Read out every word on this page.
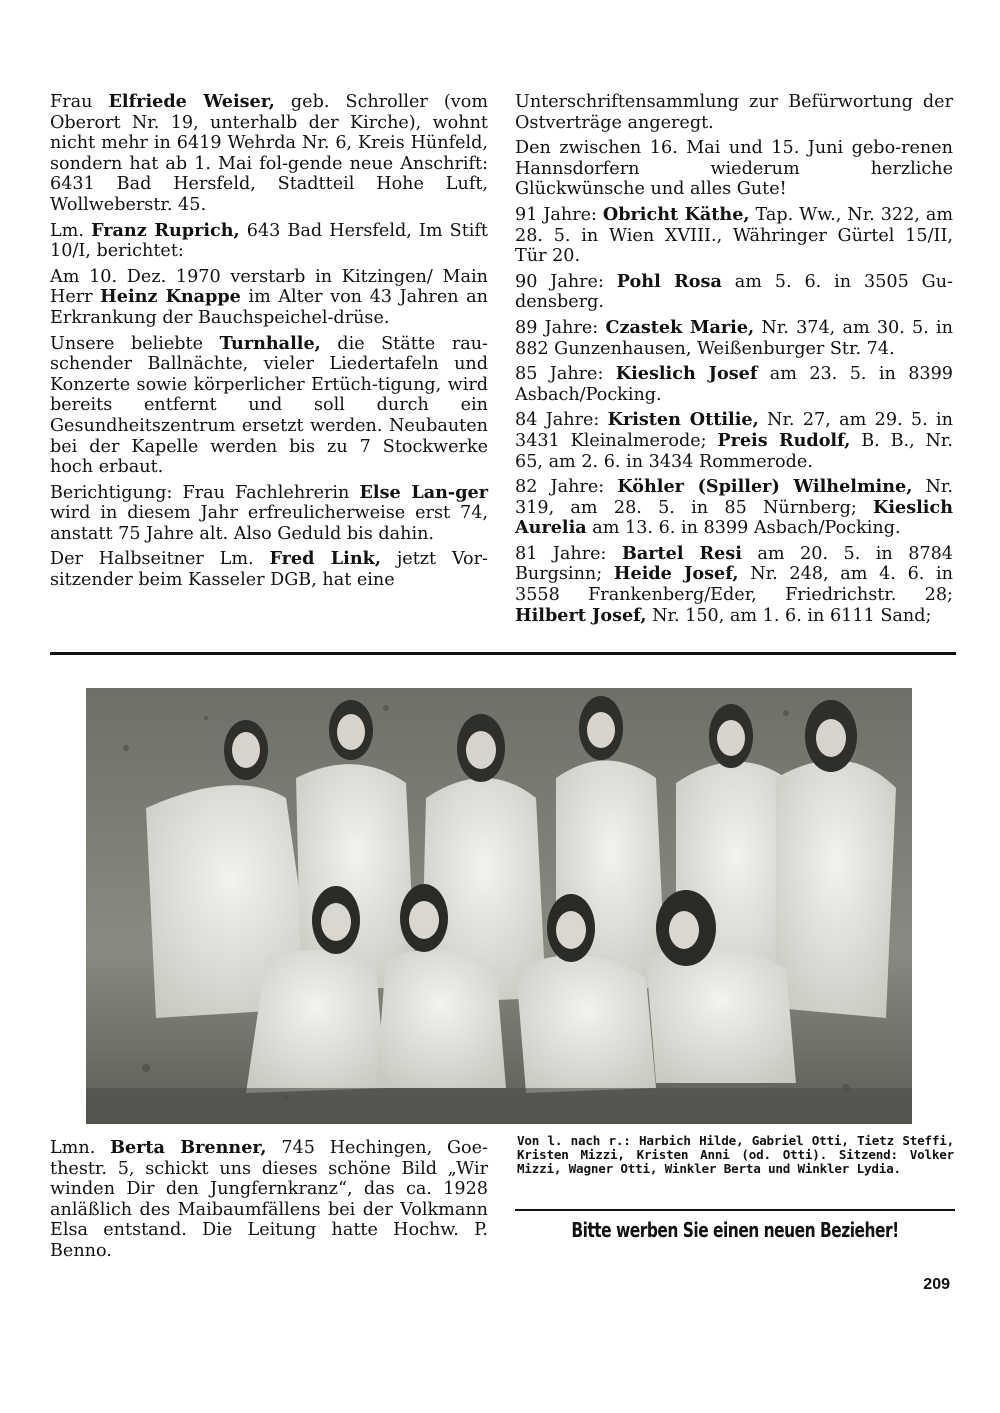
Frau Elfriede Weiser, geb. Schroller (vom Oberort Nr. 19, unterhalb der Kirche), wohnt nicht mehr in 6419 Wehrda Nr. 6, Kreis Hünfeld, sondern hat ab 1. Mai fol-gende neue Anschrift: 6431 Bad Hersfeld, Stadtteil Hohe Luft, Wollweberstr. 45.

Lm. Franz Ruprich, 643 Bad Hersfeld, Im Stift 10/I, berichtet:

Am 10. Dez. 1970 verstarb in Kitzingen/ Main Herr Heinz Knappe im Alter von 43 Jahren an Erkrankung der Bauchspeichel-drüse.

Unsere beliebte Turnhalle, die Stätte rau-schender Ballnächte, vieler Liedertafeln und Konzerte sowie körperlicher Ertüch-tigung, wird bereits entfernt und soll durch ein Gesundheitszentrum ersetzt werden. Neubauten bei der Kapelle werden bis zu 7 Stockwerke hoch erbaut.

Berichtigung: Frau Fachlehrerin Else Lan-ger wird in diesem Jahr erfreulicherweise erst 74, anstatt 75 Jahre alt. Also Geduld bis dahin.

Der Halbseitner Lm. Fred Link, jetzt Vor-sitzender beim Kasseler DGB, hat eine

Unterschriftensammlung zur Befürwortung der Ostverträge angeregt.

Den zwischen 16. Mai und 15. Juni gebo-renen Hannsdorfern wiederum herzliche Glückwünsche und alles Gute!

91 Jahre: Obricht Käthe, Tap. Ww., Nr. 322, am 28. 5. in Wien XVIII., Währinger Gürtel 15/II, Tür 20.

90 Jahre: Pohl Rosa am 5. 6. in 3505 Gu-densberg.

89 Jahre: Czastek Marie, Nr. 374, am 30. 5. in 882 Gunzenhausen, Weißenburger Str. 74.

85 Jahre: Kieslich Josef am 23. 5. in 8399 Asbach/Pocking.

84 Jahre: Kristen Ottilie, Nr. 27, am 29. 5. in 3431 Kleinalmerode; Preis Rudolf, B. B., Nr. 65, am 2. 6. in 3434 Rommerode.

82 Jahre: Köhler (Spiller) Wilhelmine, Nr. 319, am 28. 5. in 85 Nürnberg; Kieslich Aurelia am 13. 6. in 8399 Asbach/Pocking.

81 Jahre: Bartel Resi am 20. 5. in 8784 Burgsinn; Heide Josef, Nr. 248, am 4. 6. in 3558 Frankenberg/Eder, Friedrichstr. 28; Hilbert Josef, Nr. 150, am 1. 6. in 6111 Sand;

Lmn. Berta Brenner, 745 Hechingen, Goe-thestr. 5, schickt uns dieses schöne Bild „Wir winden Dir den Jungfernkranz“, das ca. 1928 anläßlich des Maibaumfällens bei der Volkmann Elsa entstand. Die Leitung hatte Hochw. P. Benno.
Von l. nach r.: Harbich Hilde, Gabriel Otti, Tietz Steffi, Kristen Mizzi, Kristen Anni (od. Otti). Sitzend: Volker Mizzi, Wagner Otti, Winkler Berta und Winkler Lydia.
Bitte werben Sie einen neuen Bezieher!
209
